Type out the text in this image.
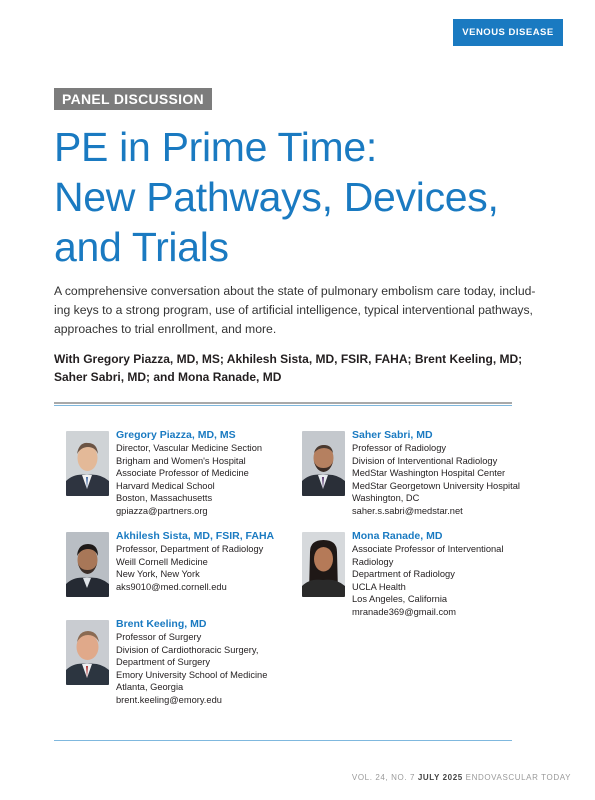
VENOUS DISEASE
PANEL DISCUSSION
PE in Prime Time:
New Pathways, Devices,
and Trials

A comprehensive conversation about the state of pulmonary embolism care today, includ-
ing keys to a strong program, use of artificial intelligence, typical interventional pathways,
approaches to trial enrollment, and more.

With Gregory Piazza, MD, MS; Akhilesh Sista, MD, FSIR, FAHA; Brent Keeling, MD;
Saher Sabri, MD; and Mona Ranade, MD

Gregory Piazza, MD, MS
Director, Vascular Medicine Section
Brigham and Women's Hospital
Associate Professor of Medicine
Harvard Medical School
Boston, Massachusetts
gpiazza@partners.org
Akhilesh Sista, MD, FSIR, FAHA
Professor, Department of Radiology
Weill Cornell Medicine
New York, New York
aks9010@med.cornell.edu
Brent Keeling, MD
Professor of Surgery
Division of Cardiothoracic Surgery,
Department of Surgery
Emory University School of Medicine
Atlanta, Georgia
brent.keeling@emory.edu
Saher Sabri, MD
Professor of Radiology
Division of Interventional Radiology
MedStar Washington Hospital Center
MedStar Georgetown University Hospital
Washington, DC
saher.s.sabri@medstar.net
Mona Ranade, MD
Associate Professor of Interventional
Radiology
Department of Radiology
UCLA Health
Los Angeles, California
mranade369@gmail.com
VOL. 24, NO. 7 JULY 2025 ENDOVASCULAR TODAY
